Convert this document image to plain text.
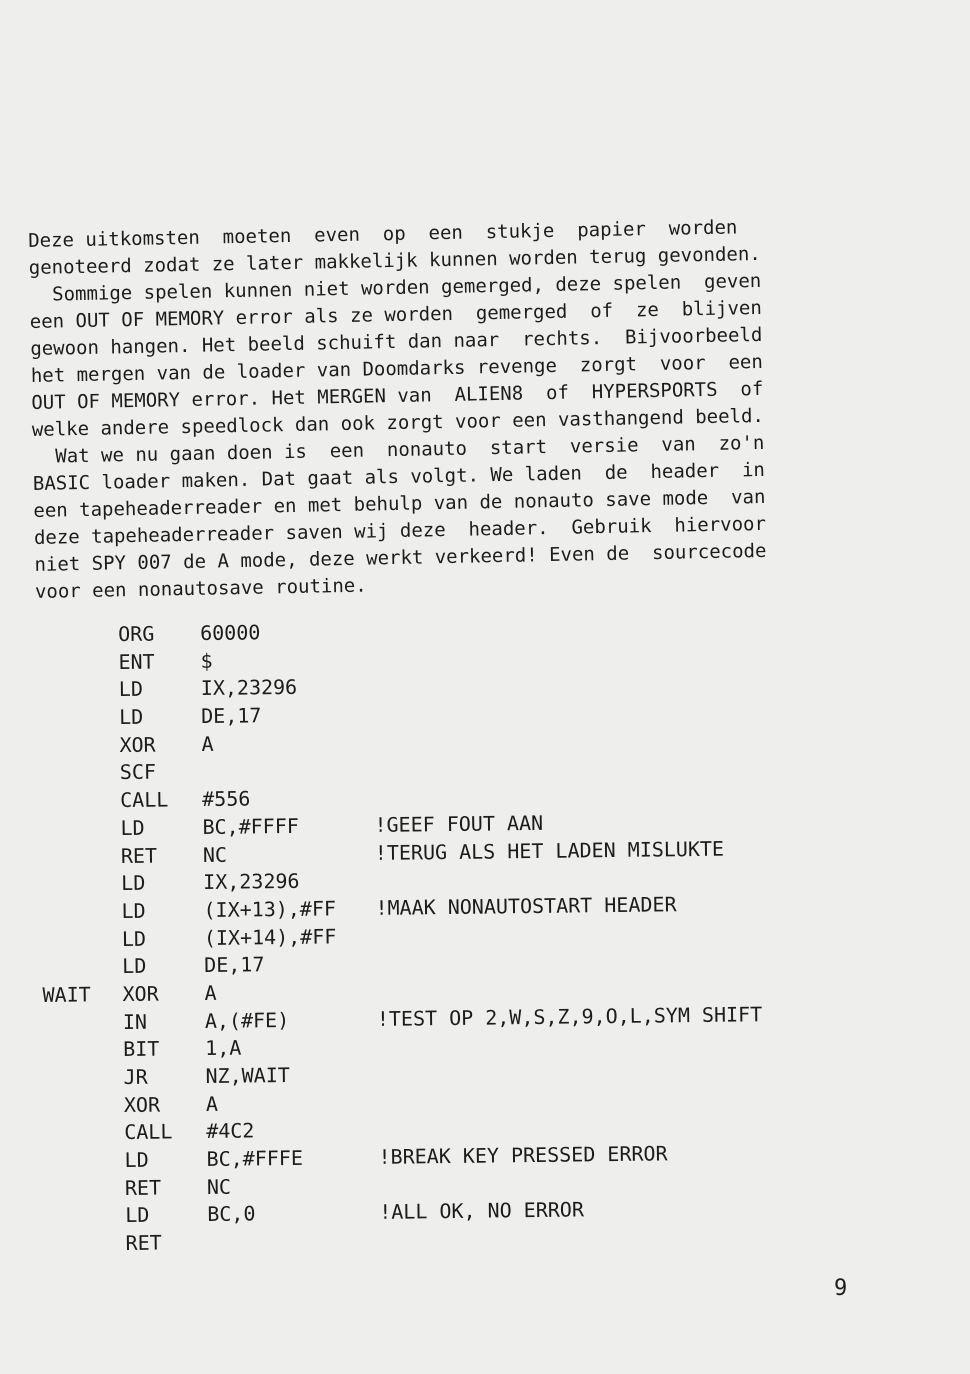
Deze uitkomsten  moeten  even  op  een  stukje  papier  worden
genoteerd zodat ze later makkelijk kunnen worden terug gevonden.
Sommige spelen kunnen niet worden gemerged, deze spelen  geven
een OUT OF MEMORY error als ze worden  gemerged  of  ze  blijven
gewoon hangen. Het beeld schuift dan naar  rechts.  Bijvoorbeeld
het mergen van de loader van Doomdarks revenge  zorgt  voor  een
OUT OF MEMORY error. Het MERGEN van  ALIEN8  of  HYPERSPORTS  of
welke andere speedlock dan ook zorgt voor een vasthangend beeld.
Wat we nu gaan doen is  een  nonauto  start  versie  van  zo'n
BASIC loader maken. Dat gaat als volgt. We laden  de  header  in
een tapeheaderreader en met behulp van de nonauto save mode  van
deze tapeheaderreader saven wij deze  header.  Gebruik  hiervoor
niet SPY 007 de A mode, deze werkt verkeerd! Even de  sourcecode
voor een nonautosave routine.
ORG 60000
ENT $
LD	IX,23296
LD	DE,17
XOR A
SCF
CALL #556
LD	BC,#FFFF	!GEEF FOUT AAN
RET NC	!TERUG ALS HET LADEN MISLUKTE
LD	IX,23296
LD	(IX+13),#FF !MAAK NONAUTOSTART HEADER
LD	(IX+14),#FF
LD	DE,17
WAIT XOR A
IN	A,(#FE)	!TEST OP 2,W,S,Z,9,O,L,SYM SHIFT
BIT 1,A
JR	NZ,WAIT
XOR A
CALL #4C2
LD	BC,#FFFE	!BREAK KEY PRESSED ERROR
RET NC
LD	BC,0	!ALL OK, NO ERROR
RET
9
